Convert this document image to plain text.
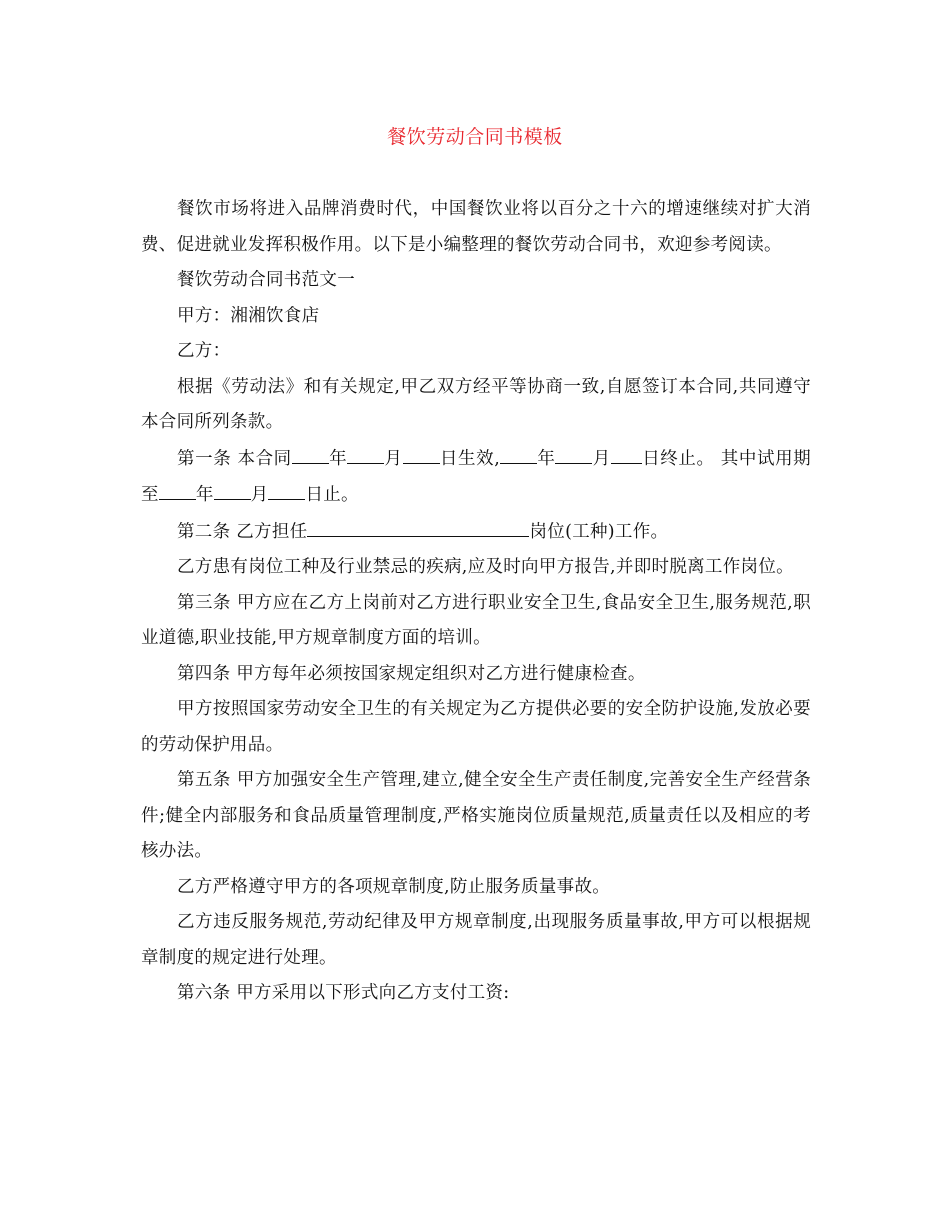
餐饮劳动合同书模板

餐饮市场将进入品牌消费时代，中国餐饮业将以百分之十六的增速继续对扩大消费、促进就业发挥积极作用。以下是小编整理的餐饮劳动合同书，欢迎参考阅读。

餐饮劳动合同书范文一

甲方：湘湘饮食店

乙方：

根据《劳动法》和有关规定,甲乙双方经平等协商一致,自愿签订本合同,共同遵守本合同所列条款。

第一条 本合同 年 月 日生效, 年 月 日终止。 其中试用期至 年 月 日止。

第二条 乙方担任	岗位(工种)工作。

乙方患有岗位工种及行业禁忌的疾病,应及时向甲方报告,并即时脱离工作岗位。

第三条 甲方应在乙方上岗前对乙方进行职业安全卫生,食品安全卫生,服务规范,职业道德,职业技能,甲方规章制度方面的培训。

第四条 甲方每年必须按国家规定组织对乙方进行健康检查。

甲方按照国家劳动安全卫生的有关规定为乙方提供必要的安全防护设施,发放必要的劳动保护用品。

第五条 甲方加强安全生产管理,建立,健全安全生产责任制度,完善安全生产经营条件;健全内部服务和食品质量管理制度,严格实施岗位质量规范,质量责任以及相应的考核办法。

乙方严格遵守甲方的各项规章制度,防止服务质量事故。

乙方违反服务规范,劳动纪律及甲方规章制度,出现服务质量事故,甲方可以根据规章制度的规定进行处理。

第六条 甲方采用以下形式向乙方支付工资:
